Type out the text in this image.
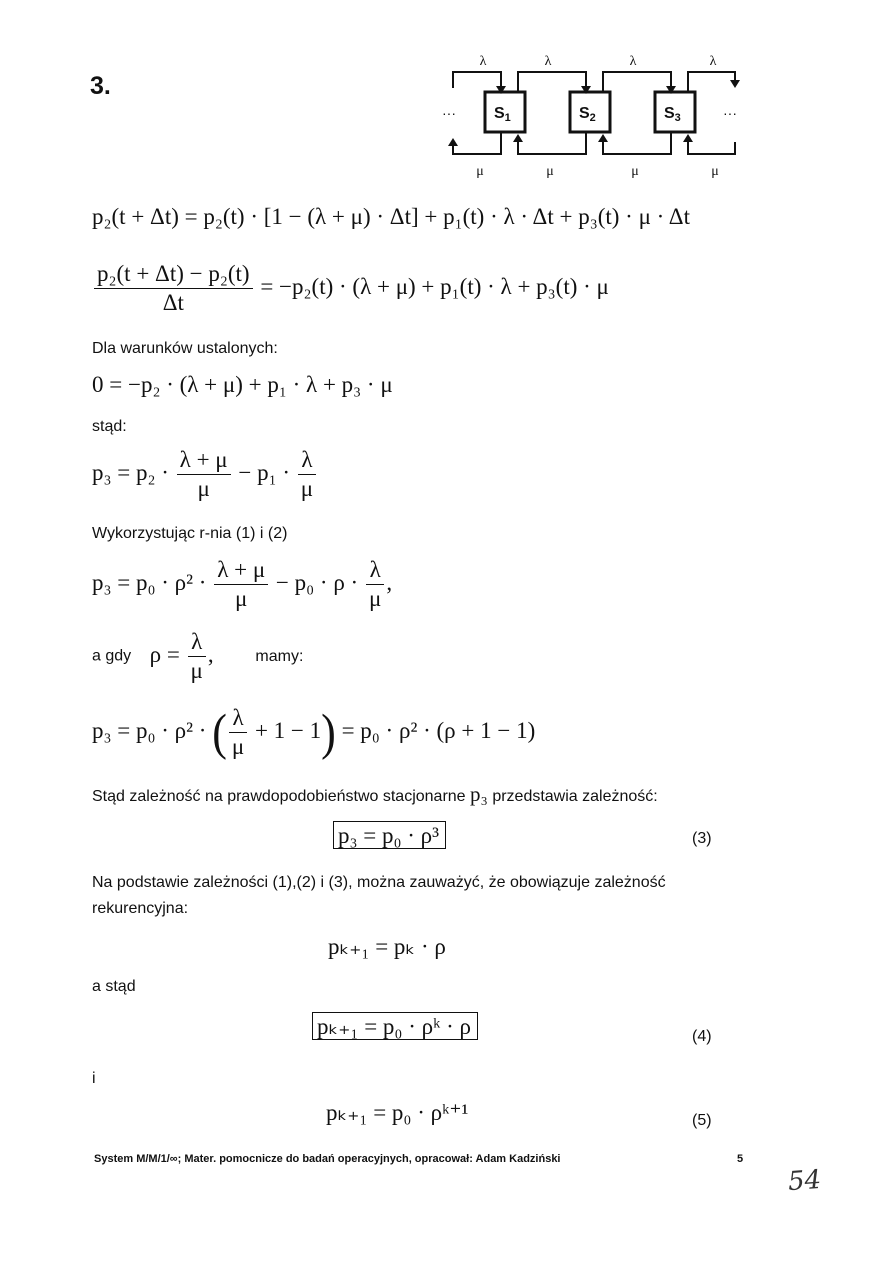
3.
λ	λ	λ	λ
μ	μ	μ	μ
S1	S2	S3
···	···
p₂(t + Δt) = p₂(t) · [1 − (λ + μ) · Δt] + p₁(t) · λ · Δt + p₃(t) · μ · Δt
$\frac{\text{p₂(t + Δt) − p₂(t)}}{\Delta t} = -p_2(t) \cdot (\lambda + \mu) + p_1(t) \cdot \lambda + p_3(t) \cdot \mu$
Dla warunków ustalonych:
0 = −p₂ · (λ + μ) + p₁ · λ + p₃ · μ
stąd:
$p_3 = p_2 \cdot \frac{\lambda + \mu}{\mu} - p_1 \cdot \frac{\lambda}{\mu}$
Wykorzystując r-nia (1) i (2)
$p_3 = p_0 \cdot \rho^2 \cdot \frac{\lambda + \mu}{\mu} - p_0 \cdot \rho \cdot \frac{\lambda}{\mu}$ ,
a gdy $\rho = \frac{\lambda}{\mu}$ ,	mamy:
p₃ = p₀ · ρ² · ( $\frac{\lambda}{\mu} + 1 - 1) = p_0 \cdot \rho^2 \cdot (\rho + 1 - 1)$
Stąd zależność na prawdopodobieństwo stacjonarne p₃ przedstawia zależność:
p₃ = p₀ · ρ³	(3)
Na podstawie zależności (1),(2) i (3), można zauważyć, że obowiązuje zależność
rekurencyjna:
pₖ₊₁ = pₖ · ρ
a stąd
pₖ₊₁ = p₀ · ρᵏ · ρ	(4)
i
pₖ₊₁ = p₀ · ρᵏ⁺¹	(5)
System M/M/1/∞; Mater. pomocnicze do badań operacyjnych, opracował: Adam Kadziński	5
54
